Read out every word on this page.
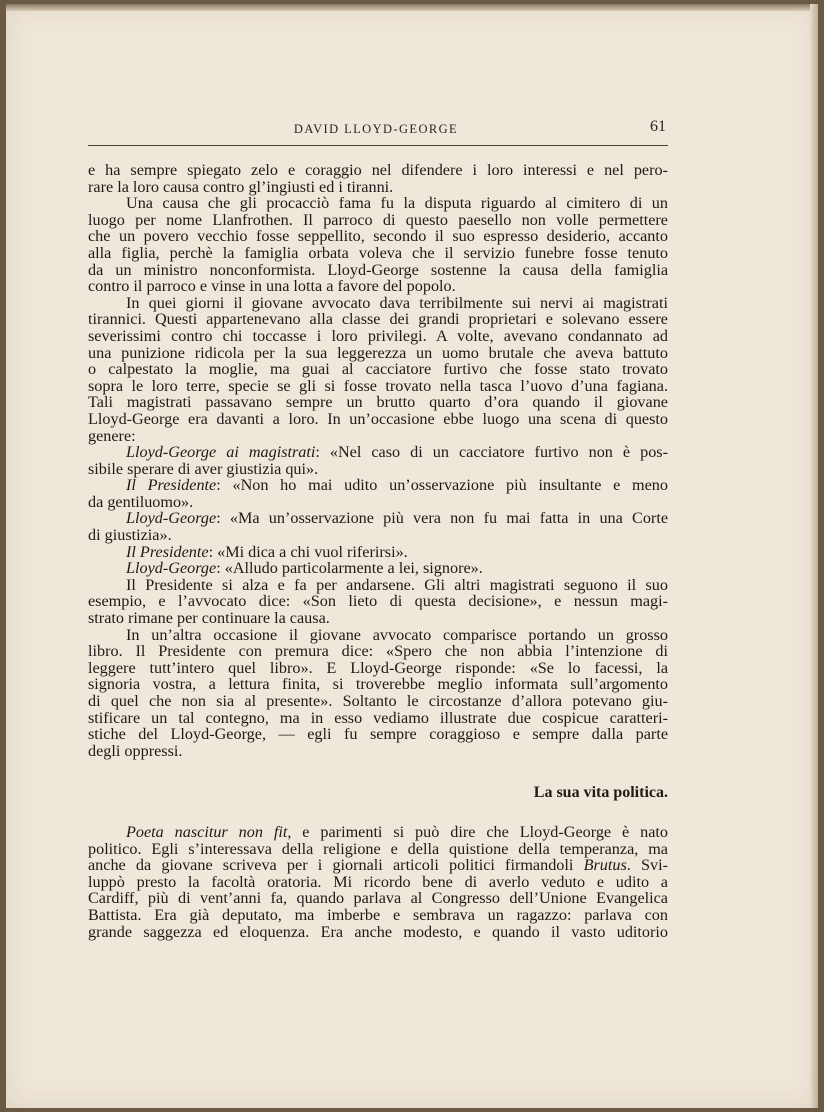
DAVID LLOYD-GEORGE	61

e ha sempre spiegato zelo e coraggio nel difendere i loro interessi e nel pero-

rare la loro causa contro gl’ingiusti ed i tiranni.

Una causa che gli procacciò fama fu la disputa riguardo al cimitero di un

luogo per nome Llanfrothen. Il parroco di questo paesello non volle permettere

che un povero vecchio fosse seppellito, secondo il suo espresso desiderio, accanto

alla figlia, perchè la famiglia orbata voleva che il servizio funebre fosse tenuto

da un ministro nonconformista. Lloyd-George sostenne la causa della famiglia

contro il parroco e vinse in una lotta a favore del popolo.

In quei giorni il giovane avvocato dava terribilmente sui nervi ai magistrati

tirannici. Questi appartenevano alla classe dei grandi proprietari e solevano essere

severissimi contro chi toccasse i loro privilegi. A volte, avevano condannato ad

una punizione ridicola per la sua leggerezza un uomo brutale che aveva battuto

o calpestato la moglie, ma guai al cacciatore furtivo che fosse stato trovato

sopra le loro terre, specie se gli si fosse trovato nella tasca l’uovo d’una fagiana.

Tali magistrati passavano sempre un brutto quarto d’ora quando il giovane

Lloyd-George era davanti a loro. In un’occasione ebbe luogo una scena di questo

genere:

Lloyd-George ai magistrati: «Nel caso di un cacciatore furtivo non è pos-

sibile sperare di aver giustizia qui».

Il Presidente: «Non ho mai udito un’osservazione più insultante e meno

da gentiluomo».

Lloyd-George: «Ma un’osservazione più vera non fu mai fatta in una Corte

di giustizia».

Il Presidente: «Mi dica a chi vuol riferirsi».

Lloyd-George: «Alludo particolarmente a lei, signore».

Il Presidente si alza e fa per andarsene. Gli altri magistrati seguono il suo

esempio, e l’avvocato dice: «Son lieto di questa decisione», e nessun magi-

strato rimane per continuare la causa.

In un’altra occasione il giovane avvocato comparisce portando un grosso

libro. Il Presidente con premura dice: «Spero che non abbia l’intenzione di

leggere tutt’intero quel libro». E Lloyd-George risponde: «Se lo facessi, la

signoria vostra, a lettura finita, si troverebbe meglio informata sull’argomento

di quel che non sia al presente». Soltanto le circostanze d’allora potevano giu-

stificare un tal contegno, ma in esso vediamo illustrate due cospicue caratteri-

stiche del Lloyd-George, — egli fu sempre coraggioso e sempre dalla parte

degli oppressi.

La sua vita politica.

Poeta nascitur non fit, e parimenti si può dire che Lloyd-George è nato

politico. Egli s’interessava della religione e della quistione della temperanza, ma

anche da giovane scriveva per i giornali articoli politici firmandoli Brutus. Svi-

luppò presto la facoltà oratoria. Mi ricordo bene di averlo veduto e udito a

Cardiff, più di vent’anni fa, quando parlava al Congresso dell’Unione Evangelica

Battista. Era già deputato, ma imberbe e sembrava un ragazzo: parlava con

grande saggezza ed eloquenza. Era anche modesto, e quando il vasto uditorio
